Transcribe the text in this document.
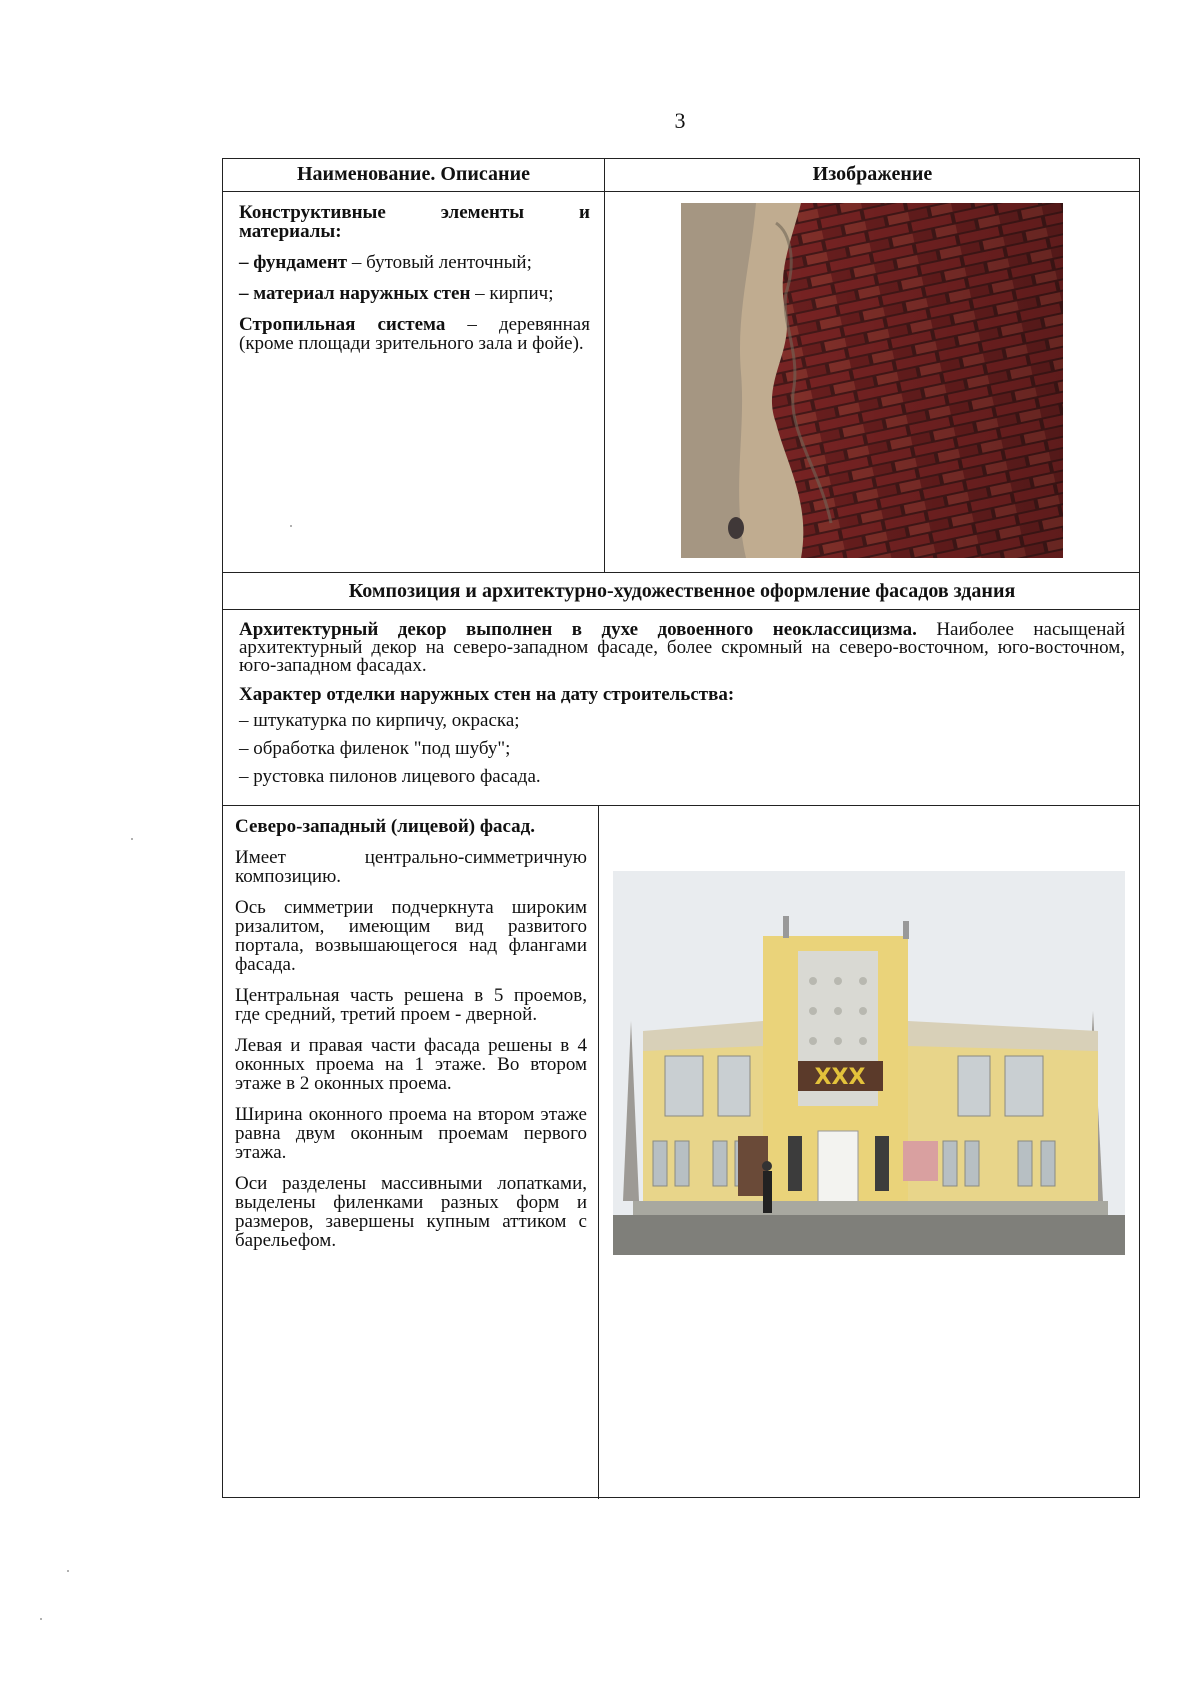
3
Наименование. Описание	Изображение

Конструктивные элементы и материалы:

– фундамент – бутовый ленточный;

– материал наружных стен – кирпич;

Стропильная система – деревянная (кроме площади зрительного зала и фойе).

Композиция и архитектурно-художественное оформление фасадов здания

Архитектурный декор выполнен в духе довоенного неоклассицизма. Наиболее насыщенай архитектурный декор на северо-западном фасаде, более скромный на северо-восточном, юго-восточном, юго-западном фасадах.

Характер отделки наружных стен на дату строительства:

– штукатурка по кирпичу, окраска;

– обработка филенок "под шубу";

– рустовка пилонов лицевого фасада.

Северо-западный (лицевой) фасад.

Имеет центрально-симметричную композицию.

Ось симметрии подчеркнута широким ризалитом, имеющим вид развитого портала, возвышающегося над флангами фасада.

Центральная часть решена в 5 проемов, где средний, третий проем - дверной.

Левая и правая части фасада решены в 4 оконных проема на 1 этаже. Во втором этаже в 2 оконных проема.

Ширина оконного проема на втором этаже равна двум оконным проемам первого этажа.

Оси разделены массивными лопатками, выделены филенками разных форм и размеров, завершены купным аттиком с барельефом.

XXX
